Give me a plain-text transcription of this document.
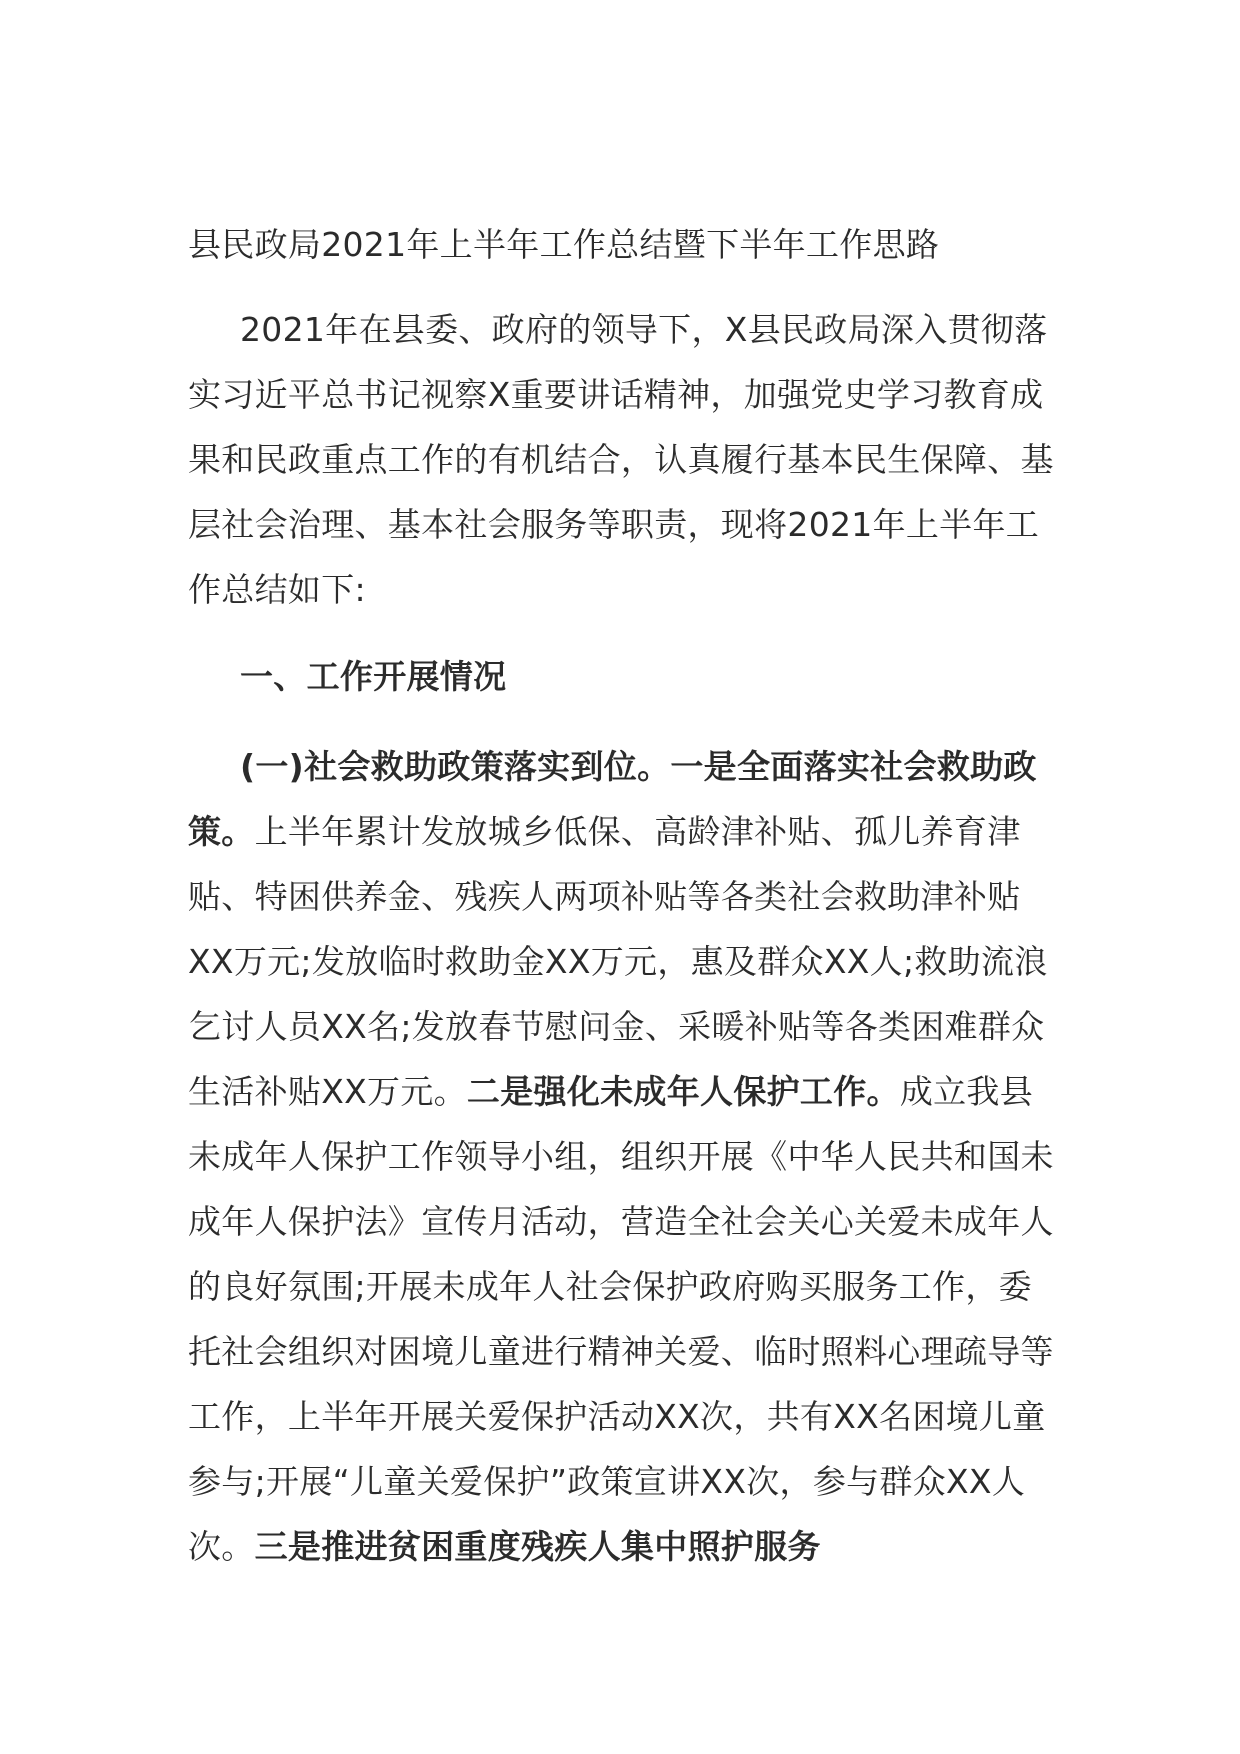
县民政局2021年上半年工作总结暨下半年工作思路

2021年在县委、政府的领导下，X县民政局深入贯彻落实习近平总书记视察X重要讲话精神，加强党史学习教育成果和民政重点工作的有机结合，认真履行基本民生保障、基层社会治理、基本社会服务等职责，现将2021年上半年工作总结如下:

一、工作开展情况

(一)社会救助政策落实到位。一是全面落实社会救助政策。上半年累计发放城乡低保、高龄津补贴、孤儿养育津贴、特困供养金、残疾人两项补贴等各类社会救助津补贴XX万元;发放临时救助金XX万元，惠及群众XX人;救助流浪乞讨人员XX名;发放春节慰问金、采暖补贴等各类困难群众生活补贴XX万元。二是强化未成年人保护工作。成立我县未成年人保护工作领导小组，组织开展《中华人民共和国未成年人保护法》宣传月活动，营造全社会关心关爱未成年人的良好氛围;开展未成年人社会保护政府购买服务工作，委托社会组织对困境儿童进行精神关爱、临时照料心理疏导等工作，上半年开展关爱保护活动XX次，共有XX名困境儿童参与;开展“儿童关爱保护”政策宣讲XX次，参与群众XX人次。三是推进贫困重度残疾人集中照护服务
